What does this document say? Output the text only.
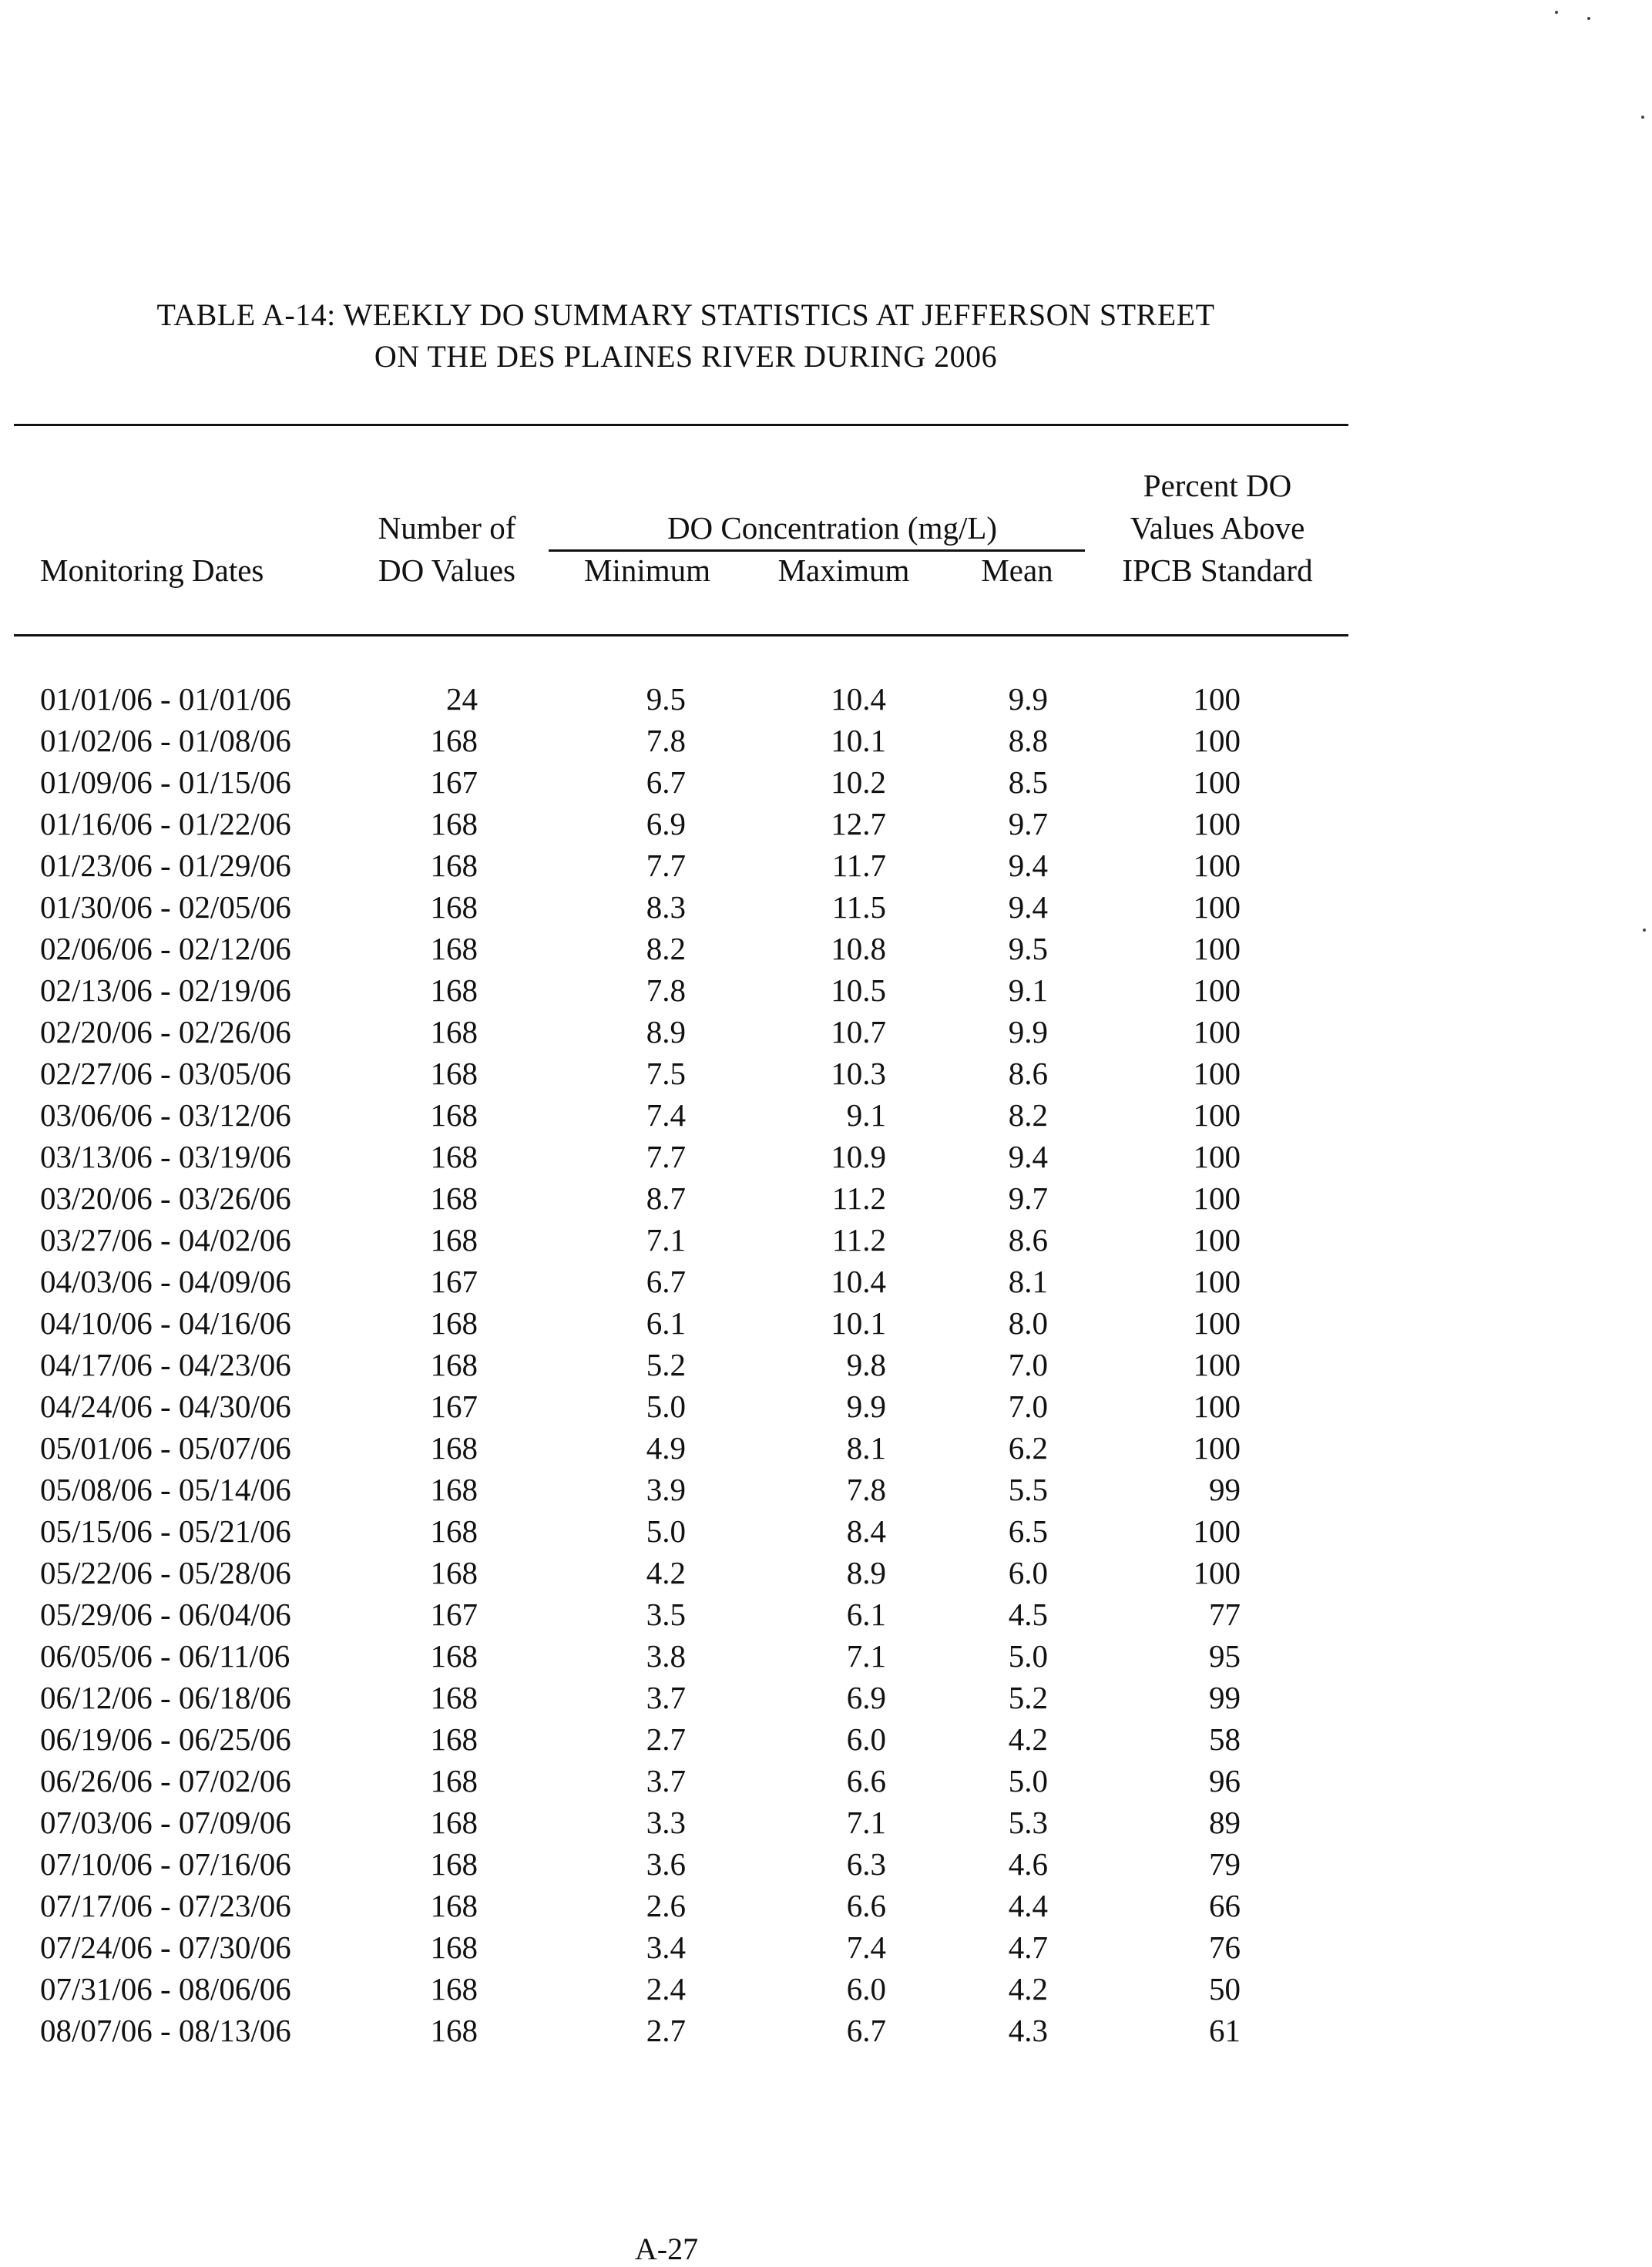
TABLE A-14: WEEKLY DO SUMMARY STATISTICS AT JEFFERSON STREET
ON THE DES PLAINES RIVER DURING 2006
Monitoring Dates
Number of
DO Values
DO Concentration (mg/L)
Minimum	Maximum	Mean
Percent DO
Values Above
IPCB Standard
01/01/06 - 01/01/06	24	9.5	10.4	9.9	100
01/02/06 - 01/08/06	168	7.8	10.1	8.8	100
01/09/06 - 01/15/06	167	6.7	10.2	8.5	100
01/16/06 - 01/22/06	168	6.9	12.7	9.7	100
01/23/06 - 01/29/06	168	7.7	11.7	9.4	100
01/30/06 - 02/05/06	168	8.3	11.5	9.4	100
02/06/06 - 02/12/06	168	8.2	10.8	9.5	100
02/13/06 - 02/19/06	168	7.8	10.5	9.1	100
02/20/06 - 02/26/06	168	8.9	10.7	9.9	100
02/27/06 - 03/05/06	168	7.5	10.3	8.6	100
03/06/06 - 03/12/06	168	7.4	9.1	8.2	100
03/13/06 - 03/19/06	168	7.7	10.9	9.4	100
03/20/06 - 03/26/06	168	8.7	11.2	9.7	100
03/27/06 - 04/02/06	168	7.1	11.2	8.6	100
04/03/06 - 04/09/06	167	6.7	10.4	8.1	100
04/10/06 - 04/16/06	168	6.1	10.1	8.0	100
04/17/06 - 04/23/06	168	5.2	9.8	7.0	100
04/24/06 - 04/30/06	167	5.0	9.9	7.0	100
05/01/06 - 05/07/06	168	4.9	8.1	6.2	100
05/08/06 - 05/14/06	168	3.9	7.8	5.5	99
05/15/06 - 05/21/06	168	5.0	8.4	6.5	100
05/22/06 - 05/28/06	168	4.2	8.9	6.0	100
05/29/06 - 06/04/06	167	3.5	6.1	4.5	77
06/05/06 - 06/11/06	168	3.8	7.1	5.0	95
06/12/06 - 06/18/06	168	3.7	6.9	5.2	99
06/19/06 - 06/25/06	168	2.7	6.0	4.2	58
06/26/06 - 07/02/06	168	3.7	6.6	5.0	96
07/03/06 - 07/09/06	168	3.3	7.1	5.3	89
07/10/06 - 07/16/06	168	3.6	6.3	4.6	79
07/17/06 - 07/23/06	168	2.6	6.6	4.4	66
07/24/06 - 07/30/06	168	3.4	7.4	4.7	76
07/31/06 - 08/06/06	168	2.4	6.0	4.2	50
08/07/06 - 08/13/06	168	2.7	6.7	4.3	61
A-27
